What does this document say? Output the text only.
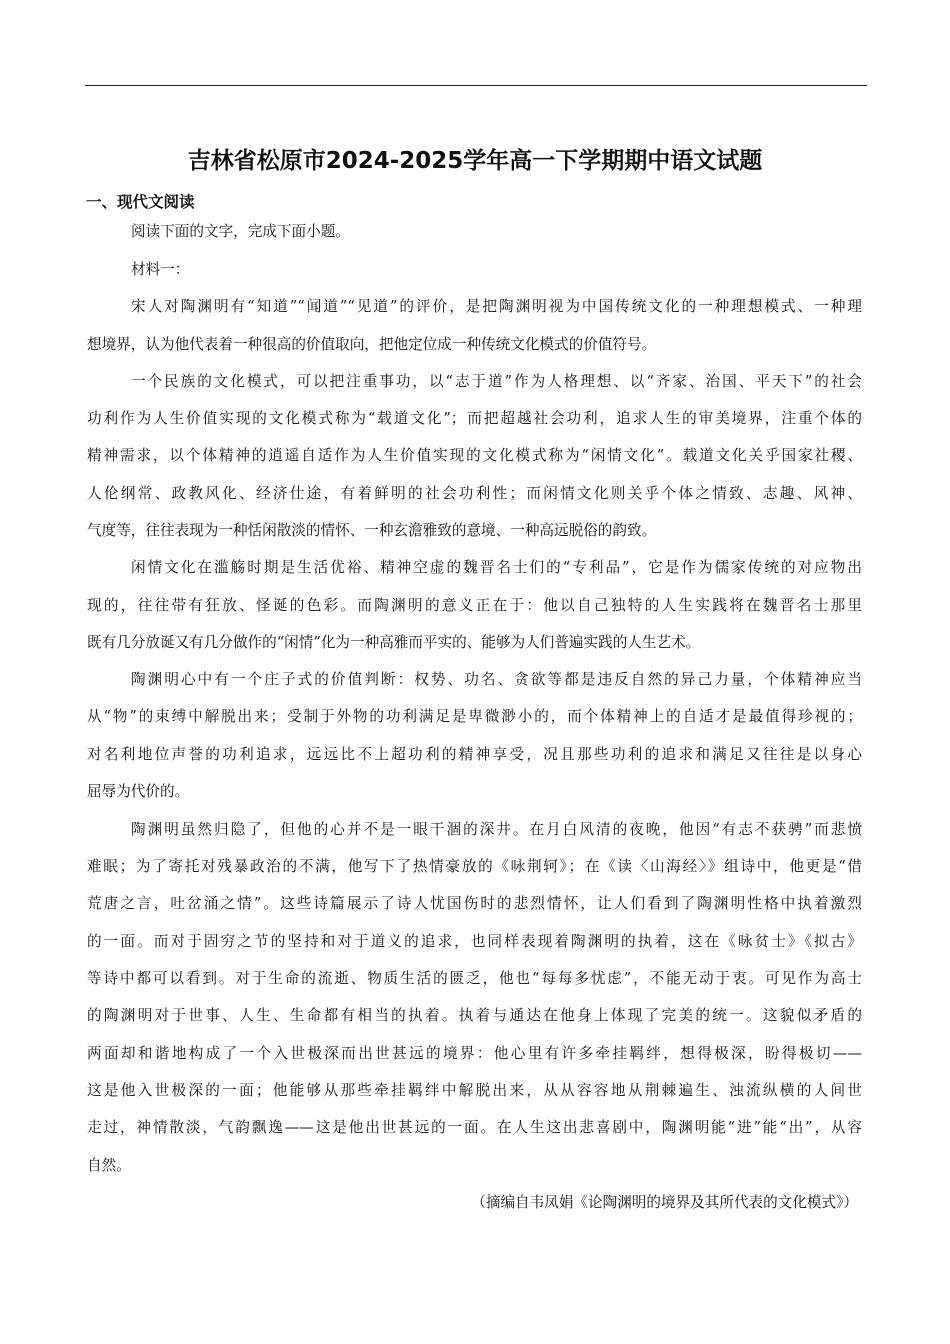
吉林省松原市2024-2025学年高一下学期期中语文试题
一、现代文阅读
阅读下面的文字，完成下面小题。
材料一：
宋人对陶渊明有“知道”“闻道”“见道”的评价，是把陶渊明视为中国传统文化的一种理想模式、一种理
想境界，认为他代表着一种很高的价值取向，把他定位成一种传统文化模式的价值符号。
一个民族的文化模式，可以把注重事功，以“志于道”作为人格理想、以“齐家、治国、平天下”的社会
功利作为人生价值实现的文化模式称为“载道文化”；而把超越社会功利，追求人生的审美境界，注重个体的
精神需求，以个体精神的逍遥自适作为人生价值实现的文化模式称为“闲情文化”。载道文化关乎国家社稷、
人伦纲常、政教风化、经济仕途，有着鲜明的社会功利性；而闲情文化则关乎个体之情致、志趣、风神、
气度等，往往表现为一种恬闲散淡的情怀、一种玄澹雅致的意境、一种高远脱俗的韵致。
闲情文化在滥觞时期是生活优裕、精神空虚的魏晋名士们的“专利品”，它是作为儒家传统的对应物出
现的，往往带有狂放、怪诞的色彩。而陶渊明的意义正在于：他以自己独特的人生实践将在魏晋名士那里
既有几分放诞又有几分做作的“闲情”化为一种高雅而平实的、能够为人们普遍实践的人生艺术。
陶渊明心中有一个庄子式的价值判断：权势、功名、贪欲等都是违反自然的异己力量，个体精神应当
从“物”的束缚中解脱出来；受制于外物的功利满足是卑微渺小的，而个体精神上的自适才是最值得珍视的；
对名利地位声誉的功利追求，远远比不上超功利的精神享受，况且那些功利的追求和满足又往往是以身心
屈辱为代价的。
陶渊明虽然归隐了，但他的心并不是一眼干涸的深井。在月白风清的夜晚，他因“有志不获骋”而悲愤
难眠；为了寄托对残暴政治的不满，他写下了热情豪放的《咏荆轲》；在《读〈山海经〉》组诗中，他更是“借
荒唐之言，吐岔涌之情”。这些诗篇展示了诗人忧国伤时的悲烈情怀，让人们看到了陶渊明性格中执着激烈
的一面。而对于固穷之节的坚持和对于道义的追求，也同样表现着陶渊明的执着，这在《咏贫士》《拟古》
等诗中都可以看到。对于生命的流逝、物质生活的匮乏，他也“每每多忧虑”，不能无动于衷。可见作为高士
的陶渊明对于世事、人生、生命都有相当的执着。执着与通达在他身上体现了完美的统一。这貌似矛盾的
两面却和谐地构成了一个入世极深而出世甚远的境界：他心里有许多牵挂羁绊，想得极深，盼得极切——
这是他入世极深的一面；他能够从那些牵挂羁绊中解脱出来，从从容容地从荆棘遍生、浊流纵横的人间世
走过，神情散淡，气韵飘逸——这是他出世甚远的一面。在人生这出悲喜剧中，陶渊明能“进”能“出”，从容
自然。
（摘编自韦凤娟《论陶渊明的境界及其所代表的文化模式》）
